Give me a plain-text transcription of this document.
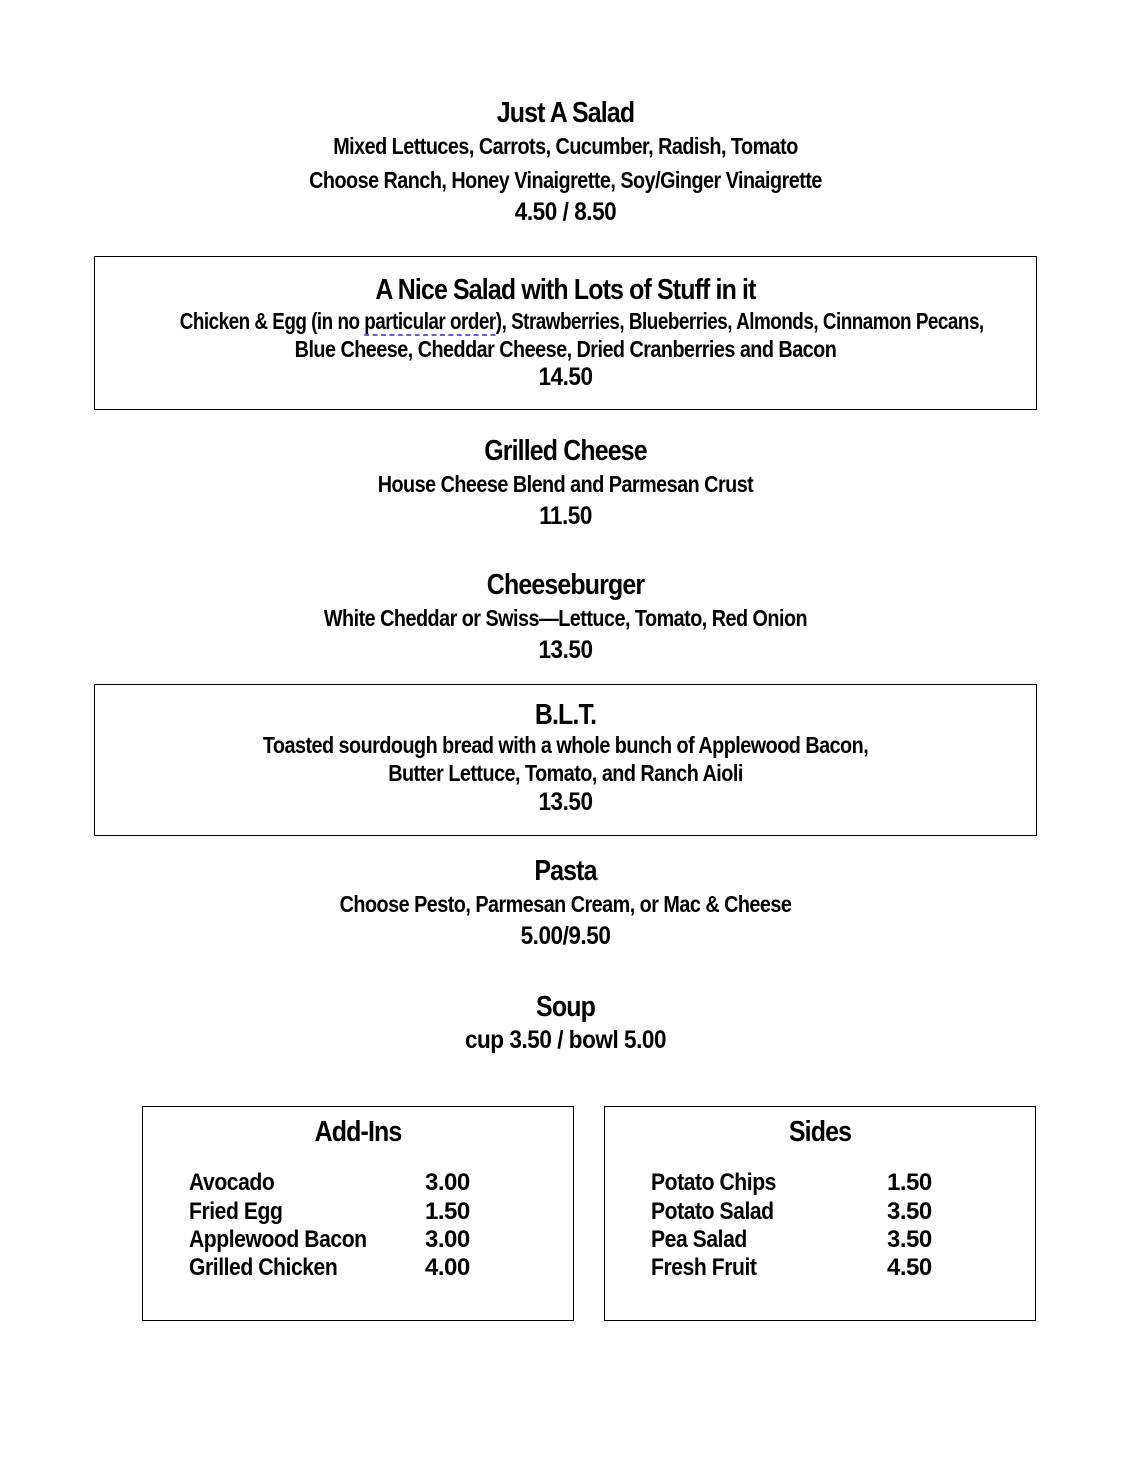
Just A Salad
Mixed Lettuces, Carrots, Cucumber, Radish, Tomato
Choose Ranch, Honey Vinaigrette, Soy/Ginger Vinaigrette
4.50 / 8.50
A Nice Salad with Lots of Stuff in it
Chicken & Egg (in no particular order), Strawberries, Blueberries, Almonds, Cinnamon Pecans,
Blue Cheese, Cheddar Cheese, Dried Cranberries and Bacon
14.50
Grilled Cheese
House Cheese Blend and Parmesan Crust
11.50
Cheeseburger
White Cheddar or Swiss—Lettuce, Tomato, Red Onion
13.50
B.L.T.
Toasted sourdough bread with a whole bunch of Applewood Bacon,
Butter Lettuce, Tomato, and Ranch Aioli
13.50
Pasta
Choose Pesto, Parmesan Cream, or Mac & Cheese
5.00/9.50
Soup
cup 3.50 / bowl 5.00
Add-Ins
Avocado	3.00
Fried Egg	1.50
Applewood Bacon 3.00
Grilled Chicken	4.00
Sides
Potato Chips	1.50
Potato Salad	3.50
Pea Salad	3.50
Fresh Fruit	4.50
